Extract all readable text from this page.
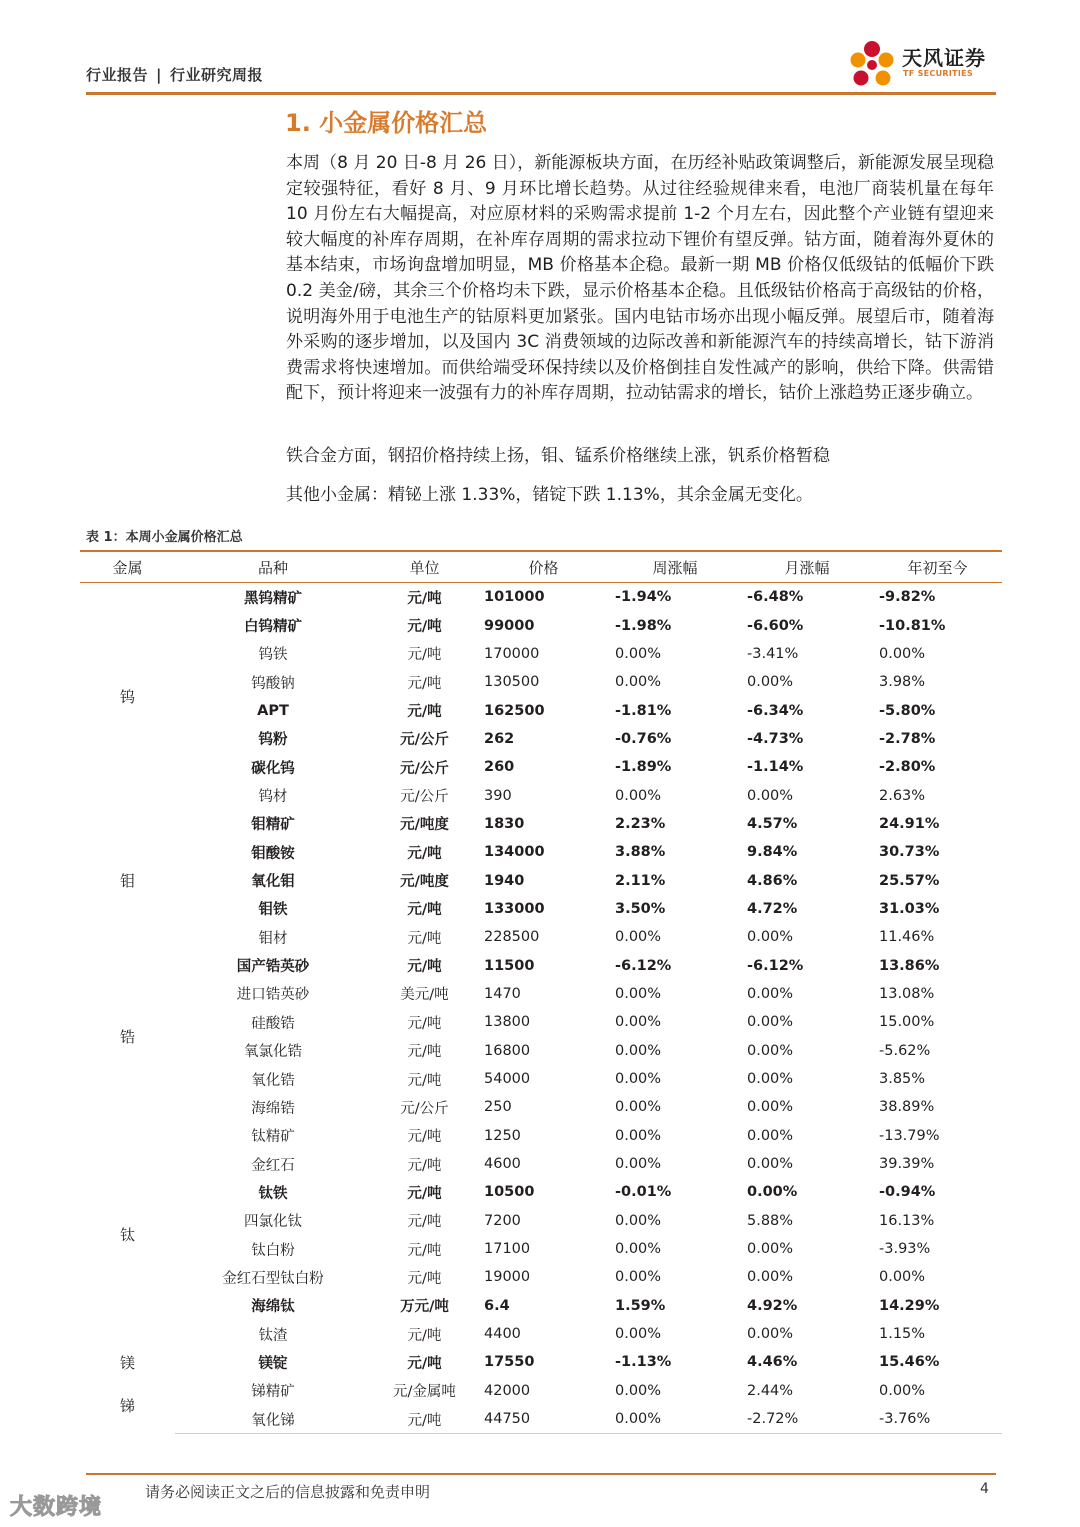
行业报告 | 行业研究周报
天风证券
TF SECURITIES
1. 小金属价格汇总

本周（8 月 20 日-8 月 26 日），新能源板块方面，在历经补贴政策调整后，新能源发展呈现稳定较强特征，看好 8 月、9 月环比增长趋势。从过往经验规律来看，电池厂商装机量在每年 10 月份左右大幅提高，对应原材料的采购需求提前 1-2 个月左右，因此整个产业链有望迎来较大幅度的补库存周期，在补库存周期的需求拉动下锂价有望反弹。钴方面，随着海外夏休的基本结束，市场询盘增加明显，MB 价格基本企稳。最新一期 MB 价格仅低级钴的低幅价下跌 0.2 美金/磅，其余三个价格均未下跌，显示价格基本企稳。且低级钴价格高于高级钴的价格，说明海外用于电池生产的钴原料更加紧张。国内电钴市场亦出现小幅反弹。展望后市，随着海外采购的逐步增加，以及国内 3C 消费领域的边际改善和新能源汽车的持续高增长，钴下游消费需求将快速增加。而供给端受环保持续以及价格倒挂自发性减产的影响，供给下降。供需错配下，预计将迎来一波强有力的补库存周期，拉动钴需求的增长，钴价上涨趋势正逐步确立。

铁合金方面，钢招价格持续上扬，钼、锰系价格继续上涨，钒系价格暂稳

其他小金属：精铋上涨 1.33%，锗锭下跌 1.13%，其余金属无变化。

表 1：本周小金属价格汇总
金属	品种	单位	价格	周涨幅	月涨幅	年初至今
钨	黑钨精矿	元/吨	101000	-1.94%	-6.48%	-9.82%
	白钨精矿	元/吨	99000	-1.98%	-6.60%	-10.81%
	钨铁	元/吨	170000	0.00%	-3.41%	0.00%
	钨酸钠	元/吨	130500	0.00%	0.00%	3.98%
	APT	元/吨	162500	-1.81%	-6.34%	-5.80%
	钨粉	元/公斤	262	-0.76%	-4.73%	-2.78%
	碳化钨	元/公斤	260	-1.89%	-1.14%	-2.80%
	钨材	元/公斤	390	0.00%	0.00%	2.63%
钼	钼精矿	元/吨度	1830	2.23%	4.57%	24.91%
	钼酸铵	元/吨	134000	3.88%	9.84%	30.73%
	氧化钼	元/吨度	1940	2.11%	4.86%	25.57%
	钼铁	元/吨	133000	3.50%	4.72%	31.03%
	钼材	元/吨	228500	0.00%	0.00%	11.46%
锆	国产锆英砂	元/吨	11500	-6.12%	-6.12%	13.86%
	进口锆英砂	美元/吨	1470	0.00%	0.00%	13.08%
	硅酸锆	元/吨	13800	0.00%	0.00%	15.00%
	氧氯化锆	元/吨	16800	0.00%	0.00%	-5.62%
	氧化锆	元/吨	54000	0.00%	0.00%	3.85%
	海绵锆	元/公斤	250	0.00%	0.00%	38.89%
钛	钛精矿	元/吨	1250	0.00%	0.00%	-13.79%
	金红石	元/吨	4600	0.00%	0.00%	39.39%
	钛铁	元/吨	10500	-0.01%	0.00%	-0.94%
	四氯化钛	元/吨	7200	0.00%	5.88%	16.13%
	钛白粉	元/吨	17100	0.00%	0.00%	-3.93%
	金红石型钛白粉	元/吨	19000	0.00%	0.00%	0.00%
	海绵钛	万元/吨	6.4	1.59%	4.92%	14.29%
	钛渣	元/吨	4400	0.00%	0.00%	1.15%
镁	镁锭	元/吨	17550	-1.13%	4.46%	15.46%
锑	锑精矿	元/金属吨	42000	0.00%	2.44%	0.00%
	氧化锑	元/吨	44750	0.00%	-2.72%	-3.76%
请务必阅读正文之后的信息披露和免责申明	4
大数跨境
